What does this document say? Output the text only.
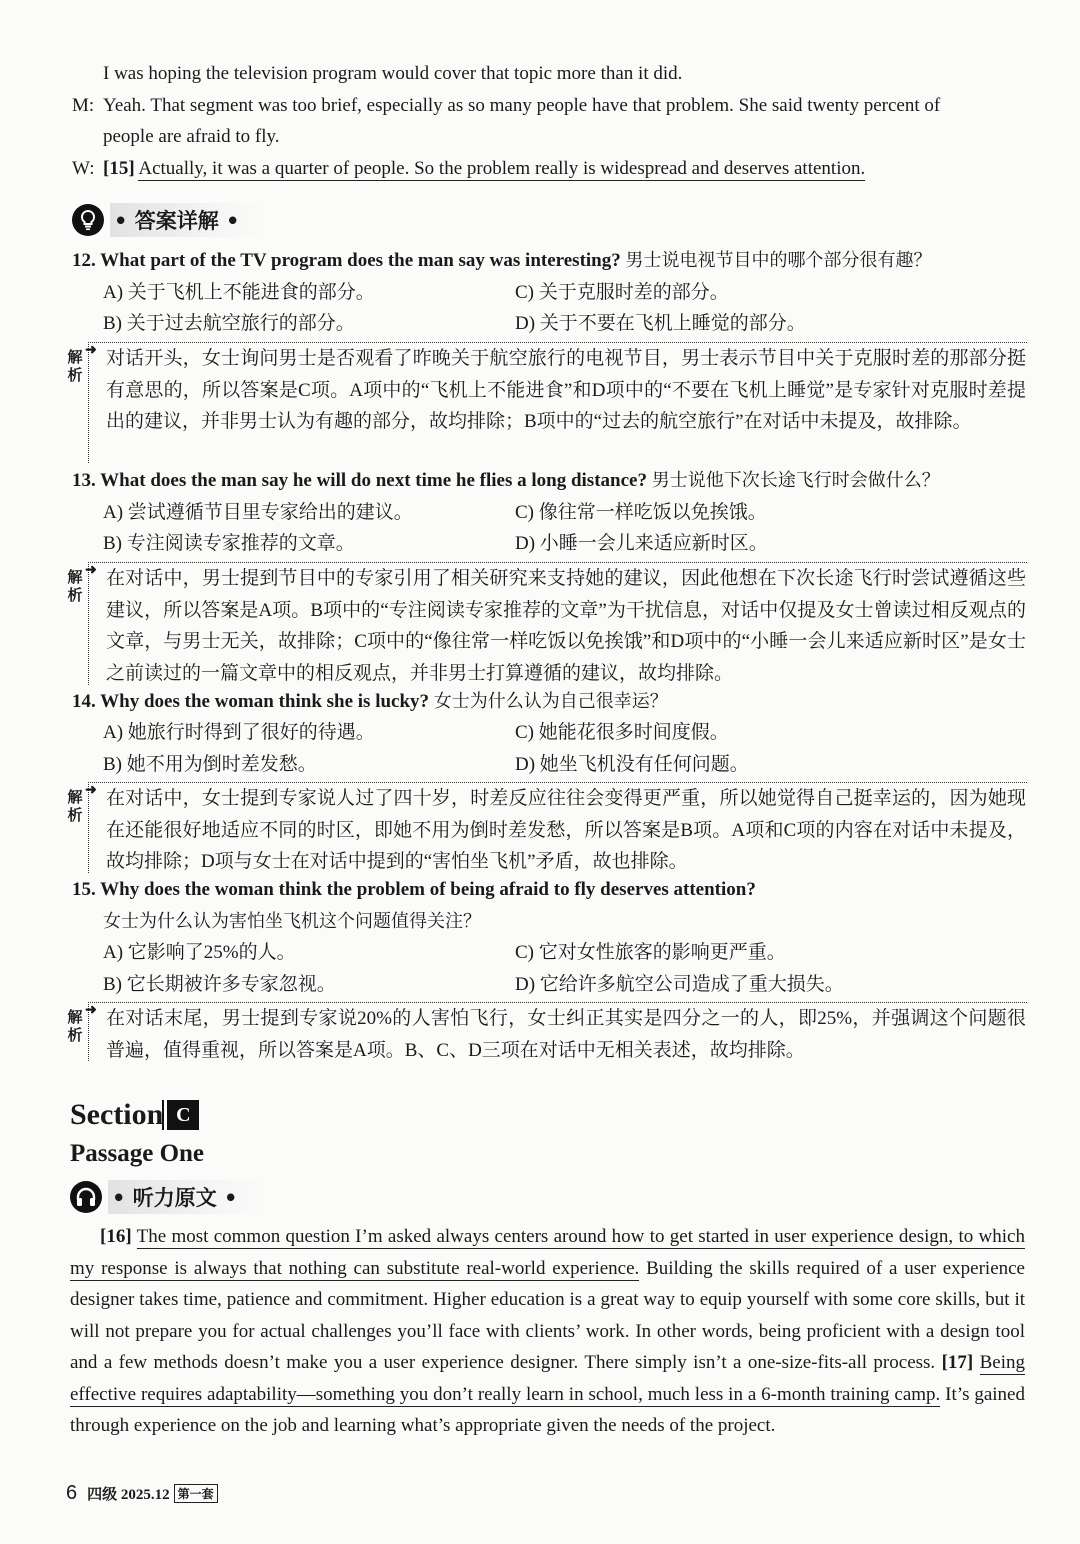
I was hoping the television program would cover that topic more than it did.
M: Yeah. That segment was too brief, especially as so many people have that problem. She said twenty percent of
people are afraid to fly.
W: [15] Actually, it was a quarter of people. So the problem really is widespread and deserves attention.
• 答案详解 •
12. What part of the TV program does the man say was interesting? 男士说电视节目中的哪个部分很有趣？
A) 关于飞机上不能进食的部分。	C) 关于克服时差的部分。
B) 关于过去航空旅行的部分。	D) 关于不要在飞机上睡觉的部分。
解析
➜ 对话开头，女士询问男士是否观看了昨晚关于航空旅行的电视节目，男士表示节目中关于克服时差的那部分挺有意思的，所以答案是C项。A项中的“飞机上不能进食”和D项中的“不要在飞机上睡觉”是专家针对克服时差提出的建议，并非男士认为有趣的部分，故均排除；B项中的“过去的航空旅行”在对话中未提及，故排除。
13. What does the man say he will do next time he flies a long distance? 男士说他下次长途飞行时会做什么？
A) 尝试遵循节目里专家给出的建议。	C) 像往常一样吃饭以免挨饿。
B) 专注阅读专家推荐的文章。	D) 小睡一会儿来适应新时区。
解析
➜ 在对话中，男士提到节目中的专家引用了相关研究来支持她的建议，因此他想在下次长途飞行时尝试遵循这些建议，所以答案是A项。B项中的“专注阅读专家推荐的文章”为干扰信息，对话中仅提及女士曾读过相反观点的文章，与男士无关，故排除；C项中的“像往常一样吃饭以免挨饿”和D项中的“小睡一会儿来适应新时区”是女士之前读过的一篇文章中的相反观点，并非男士打算遵循的建议，故均排除。
14. Why does the woman think she is lucky? 女士为什么认为自己很幸运？
A) 她旅行时得到了很好的待遇。	C) 她能花很多时间度假。
B) 她不用为倒时差发愁。	D) 她坐飞机没有任何问题。
解析
➜ 在对话中，女士提到专家说人过了四十岁，时差反应往往会变得更严重，所以她觉得自己挺幸运的，因为她现在还能很好地适应不同的时区，即她不用为倒时差发愁，所以答案是B项。A项和C项的内容在对话中未提及，故均排除；D项与女士在对话中提到的“害怕坐飞机”矛盾，故也排除。
15. Why does the woman think the problem of being afraid to fly deserves attention?
女士为什么认为害怕坐飞机这个问题值得关注？
A) 它影响了25%的人。	C) 它对女性旅客的影响更严重。
B) 它长期被许多专家忽视。	D) 它给许多航空公司造成了重大损失。
解析
➜ 在对话末尾，男士提到专家说20%的人害怕飞行，女士纠正其实是四分之一的人，即25%，并强调这个问题很普遍，值得重视，所以答案是A项。B、C、D三项在对话中无相关表述，故均排除。
Section C
Passage One
• 听力原文 •
[16] The most common question I’m asked always centers around how to get started in user experience design, to which my response is always that nothing can substitute real-world experience. Building the skills required of a user experience designer takes time, patience and commitment. Higher education is a great way to equip yourself with some core skills, but it will not prepare you for actual challenges you’ll face with clients’ work. In other words, being proficient with a design tool and a few methods doesn’t make you a user experience designer. There simply isn’t a one-size-fits-all process. [17] Being effective requires adaptability—something you don’t really learn in school, much less in a 6-month training camp. It’s gained through experience on the job and learning what’s appropriate given the needs of the project.
6 四级 2025.12 第一套
